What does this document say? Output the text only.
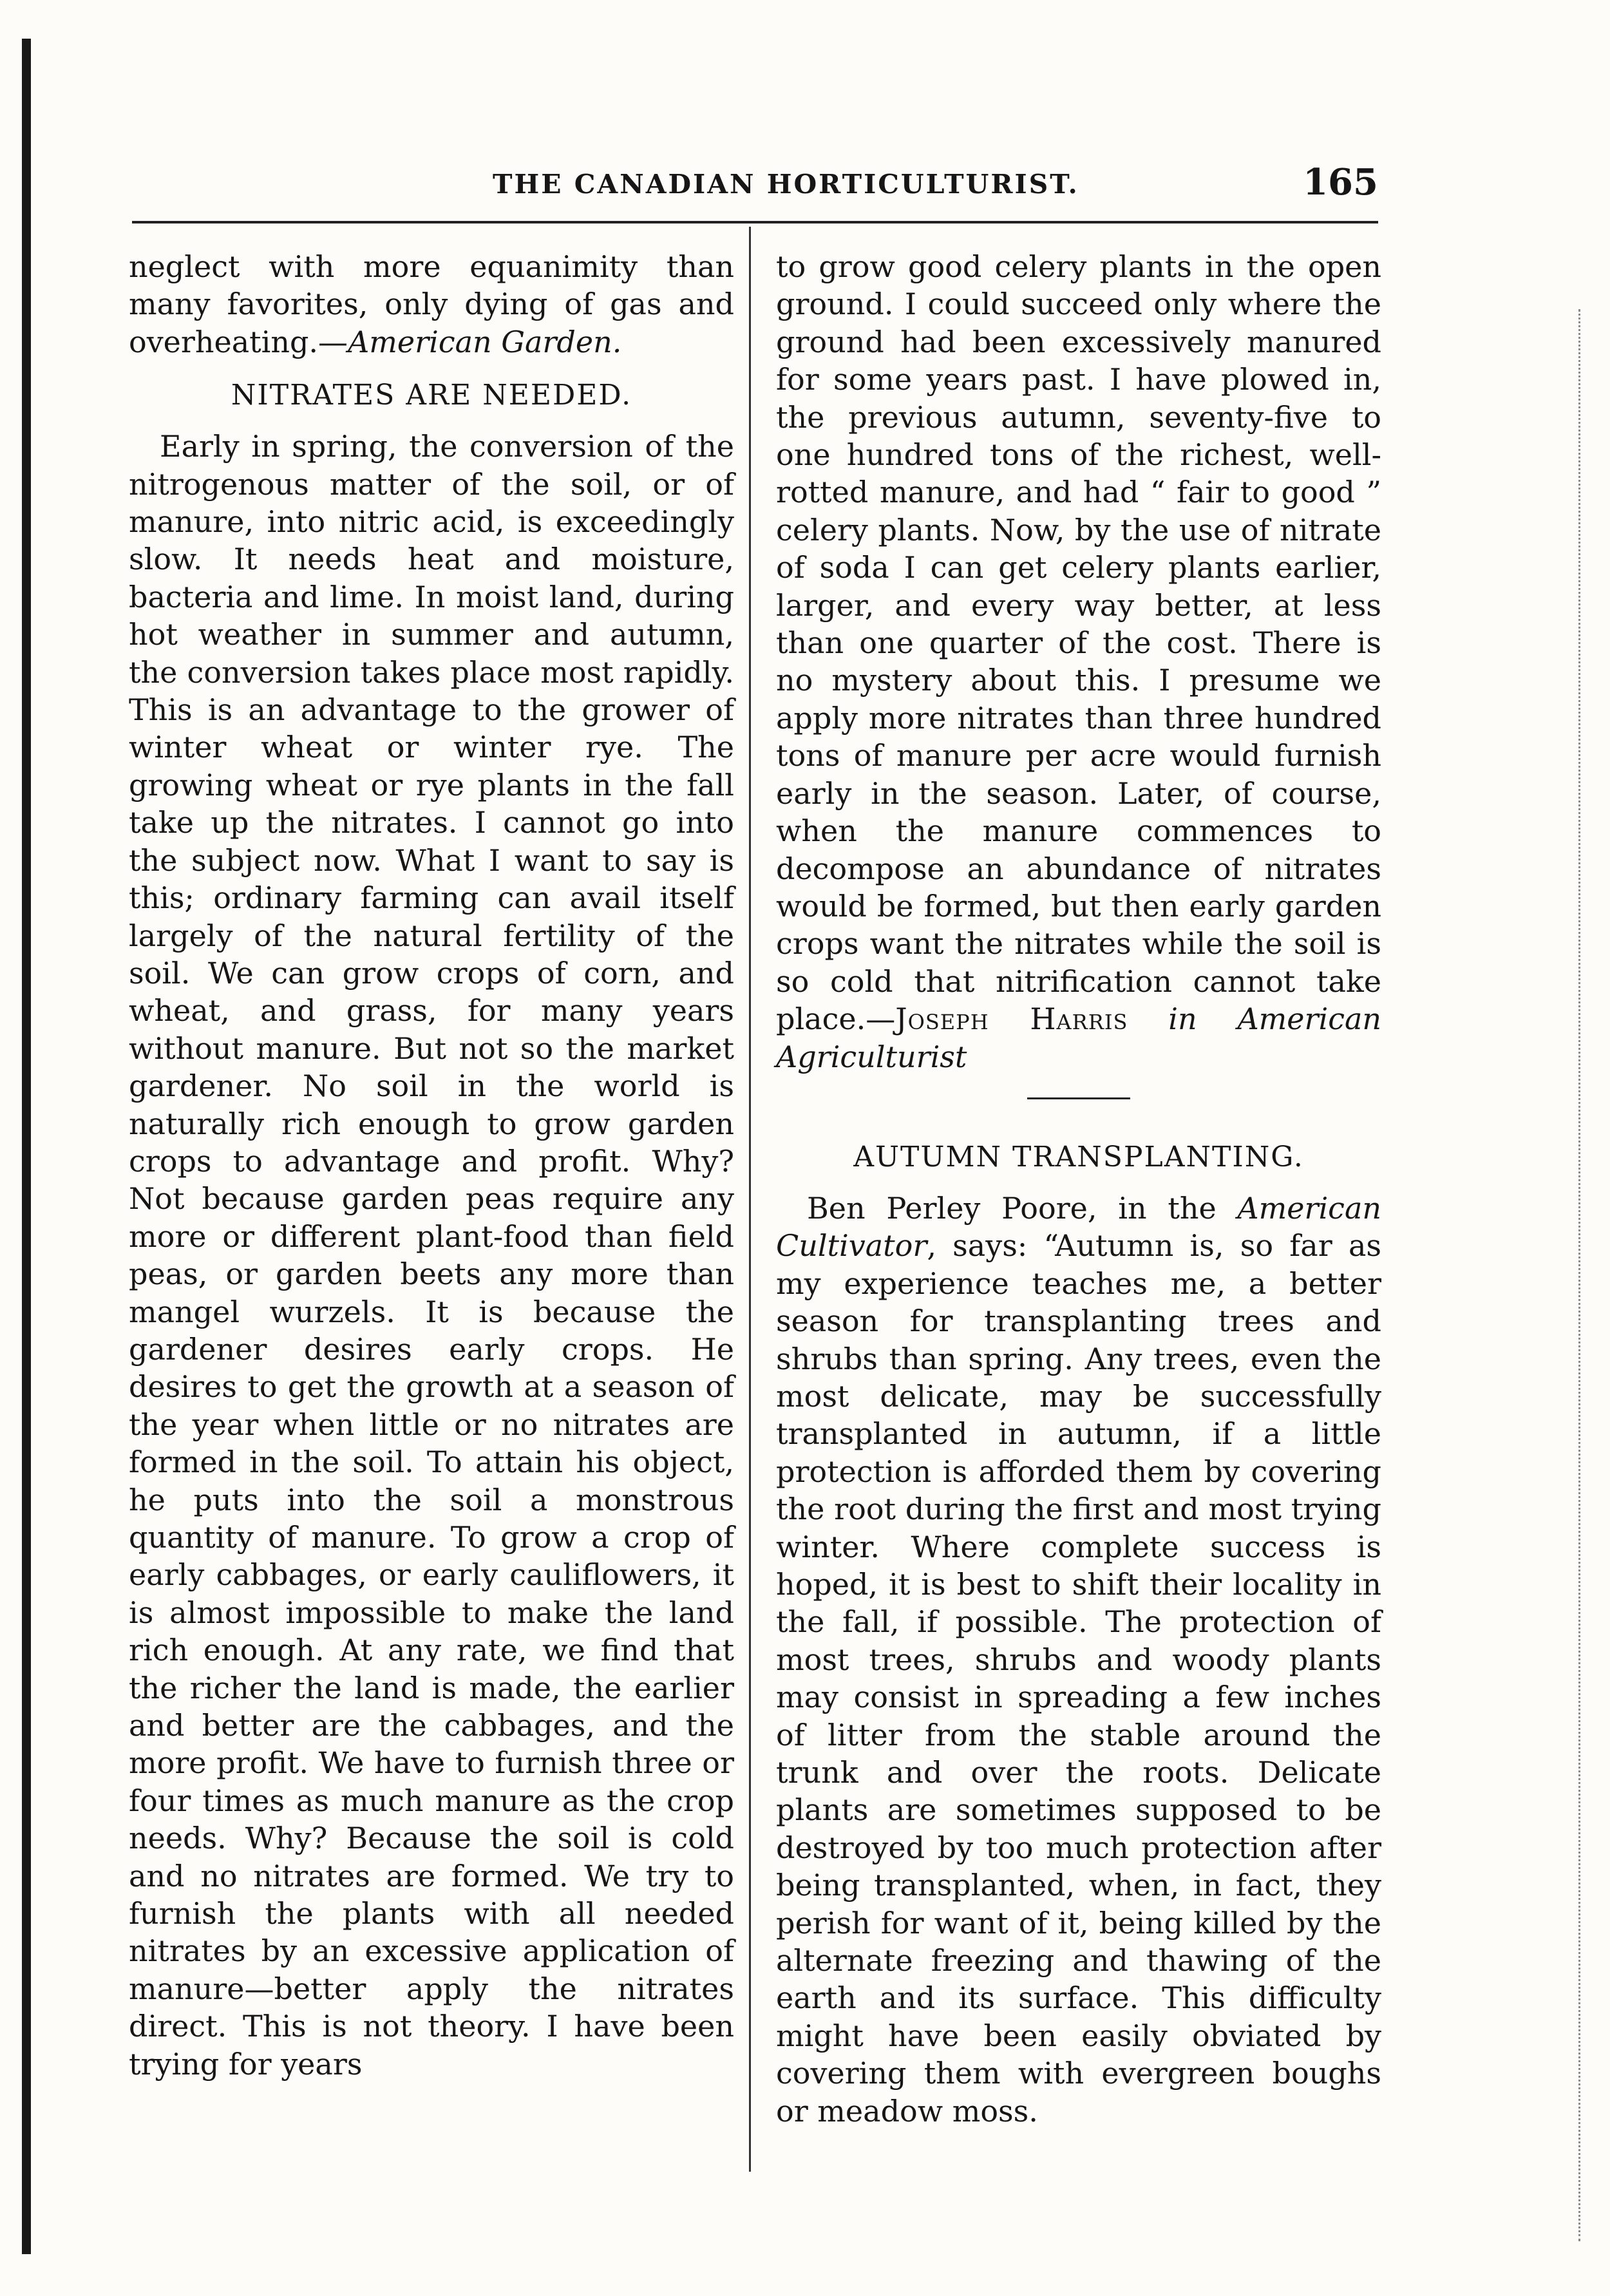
THE CANADIAN HORTICULTURIST.	165

neglect with more equanimity than many favorites, only dying of gas and overheating.—American Garden.

NITRATES ARE NEEDED.

Early in spring, the conversion of the nitrogenous matter of the soil, or of manure, into nitric acid, is exceedingly slow. It needs heat and moisture, bacteria and lime. In moist land, during hot weather in summer and autumn, the conversion takes place most rapidly. This is an advantage to the grower of winter wheat or winter rye. The growing wheat or rye plants in the fall take up the nitrates. I cannot go into the subject now. What I want to say is this; ordinary farming can avail itself largely of the natural fertility of the soil. We can grow crops of corn, and wheat, and grass, for many years without manure. But not so the market gardener. No soil in the world is naturally rich enough to grow garden crops to advantage and profit. Why? Not because garden peas require any more or different plant-food than field peas, or garden beets any more than mangel wurzels. It is because the gardener desires early crops. He desires to get the growth at a season of the year when little or no nitrates are formed in the soil. To attain his object, he puts into the soil a monstrous quantity of manure. To grow a crop of early cabbages, or early cauliflowers, it is almost impossible to make the land rich enough. At any rate, we find that the richer the land is made, the earlier and better are the cabbages, and the more profit. We have to furnish three or four times as much manure as the crop needs. Why? Because the soil is cold and no nitrates are formed. We try to furnish the plants with all needed nitrates by an excessive application of manure—better apply the nitrates direct. This is not theory. I have been trying for years

to grow good celery plants in the open ground. I could succeed only where the ground had been excessively manured for some years past. I have plowed in, the previous autumn, seventy-five to one hundred tons of the richest, well-rotted manure, and had “ fair to good ” celery plants. Now, by the use of nitrate of soda I can get celery plants earlier, larger, and every way better, at less than one quarter of the cost. There is no mystery about this. I presume we apply more nitrates than three hundred tons of manure per acre would furnish early in the season. Later, of course, when the manure commences to decompose an abundance of nitrates would be formed, but then early garden crops want the nitrates while the soil is so cold that nitrification cannot take place.—Joseph Harris in American Agriculturist

AUTUMN TRANSPLANTING.

Ben Perley Poore, in the American Cultivator, says: “Autumn is, so far as my experience teaches me, a better season for transplanting trees and shrubs than spring. Any trees, even the most delicate, may be successfully transplanted in autumn, if a little protection is afforded them by covering the root during the first and most trying winter. Where complete success is hoped, it is best to shift their locality in the fall, if possible. The protection of most trees, shrubs and woody plants may consist in spreading a few inches of litter from the stable around the trunk and over the roots. Delicate plants are sometimes supposed to be destroyed by too much protection after being transplanted, when, in fact, they perish for want of it, being killed by the alternate freezing and thawing of the earth and its surface. This difficulty might have been easily obviated by covering them with evergreen boughs or meadow moss.
